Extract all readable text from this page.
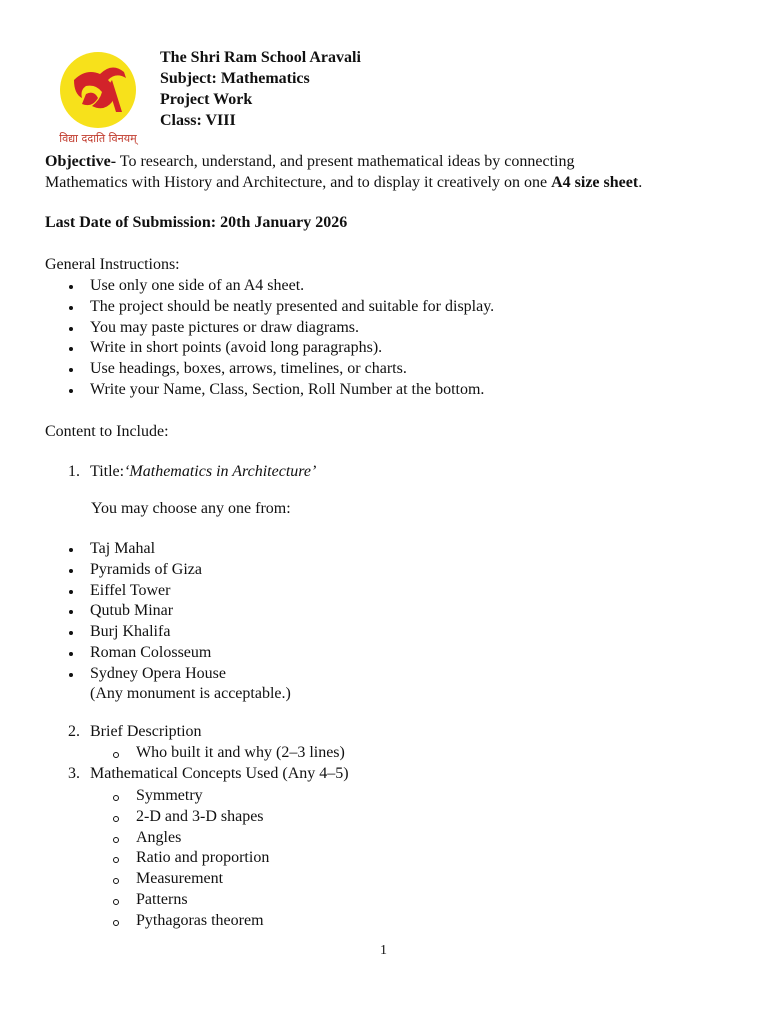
विद्या ददाति विनयम्
The Shri Ram School Aravali
Subject: Mathematics
Project Work
Class: VIII
Objective- To research, understand, and present mathematical ideas by connecting
Mathematics with History and Architecture, and to display it creatively on one A4 size sheet.
Last Date of Submission: 20th January 2026
General Instructions:
Use only one side of an A4 sheet.
The project should be neatly presented and suitable for display.
You may paste pictures or draw diagrams.
Write in short points (avoid long paragraphs).
Use headings, boxes, arrows, timelines, or charts.
Write your Name, Class, Section, Roll Number at the bottom.
Content to Include:
1. Title:‘Mathematics in Architecture’
You may choose any one from:
Taj Mahal
Pyramids of Giza
Eiffel Tower
Qutub Minar
Burj Khalifa
Roman Colosseum
Sydney Opera House
(Any monument is acceptable.)
2. Brief Description
Who built it and why (2–3 lines)
3. Mathematical Concepts Used (Any 4–5)
Symmetry
2-D and 3-D shapes
Angles
Ratio and proportion
Measurement
Patterns
Pythagoras theorem
1
